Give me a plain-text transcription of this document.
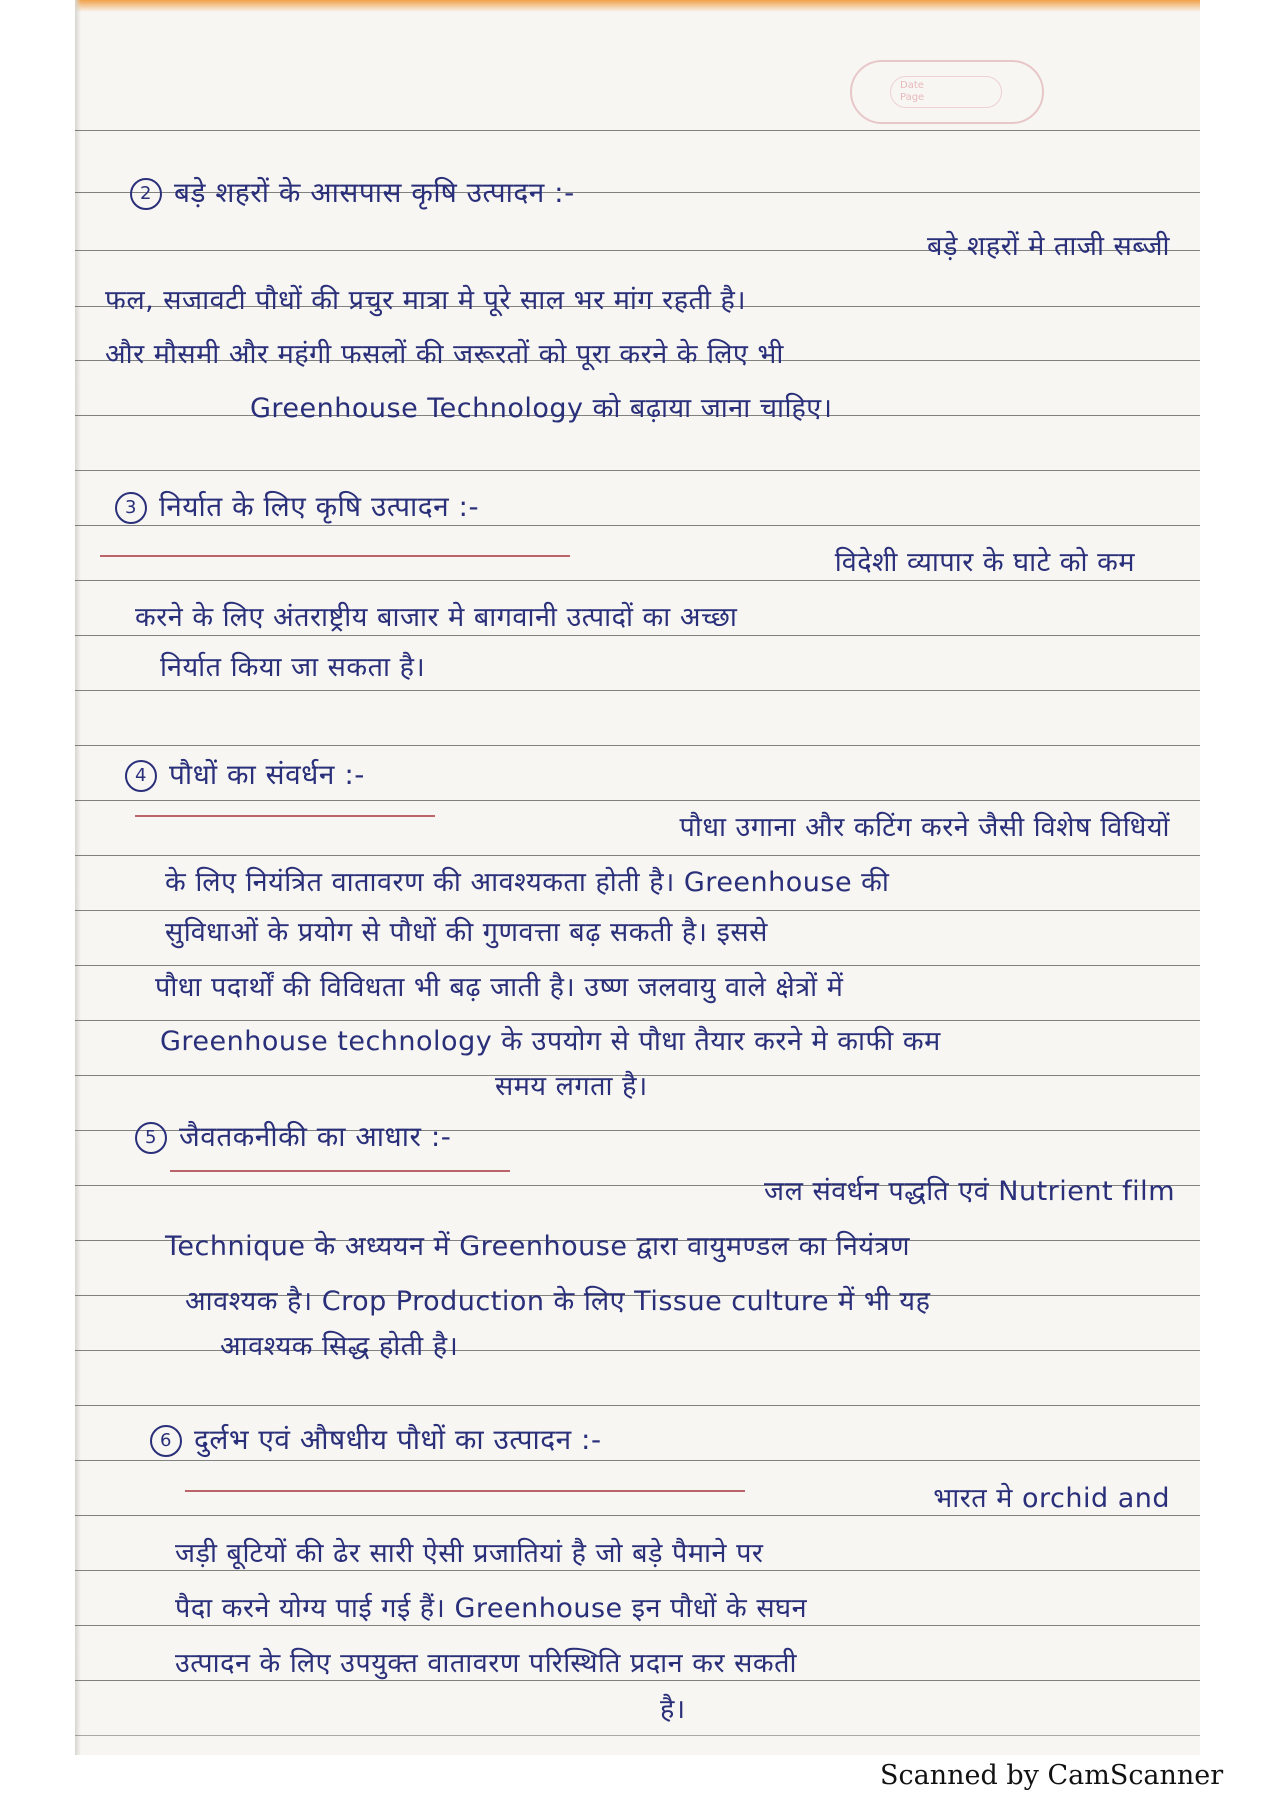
Date
Page
2 बड़े शहरों के आसपास कृषि उत्पादन :-
बड़े शहरों मे ताजी सब्जी
फल, सजावटी पौधों की प्रचुर मात्रा मे पूरे साल भर मांग रहती है।
और मौसमी और महंगी फसलों की जरूरतों को पूरा करने के लिए भी
Greenhouse Technology को बढ़ाया जाना चाहिए।
3 निर्यात के लिए कृषि उत्पादन :-
विदेशी व्यापार के घाटे को कम
करने के लिए अंतराष्ट्रीय बाजार मे बागवानी उत्पादों का अच्छा
निर्यात किया जा सकता है।
4 पौधों का संवर्धन :-
पौधा उगाना और कटिंग करने जैसी विशेष विधियों
के लिए नियंत्रित वातावरण की आवश्यकता होती है। Greenhouse की
सुविधाओं के प्रयोग से पौधों की गुणवत्ता बढ़ सकती है। इससे
पौधा पदार्थों की विविधता भी बढ़ जाती है। उष्ण जलवायु वाले क्षेत्रों में
Greenhouse technology के उपयोग से पौधा तैयार करने मे काफी कम
समय लगता है।
5 जैवतकनीकी का आधार :-
जल संवर्धन पद्धति एवं Nutrient film
Technique के अध्ययन में Greenhouse द्वारा वायुमण्डल का नियंत्रण
आवश्यक है। Crop Production के लिए Tissue culture में भी यह
आवश्यक सिद्ध होती है।
6 दुर्लभ एवं औषधीय पौधों का उत्पादन :-
भारत मे orchid and
जड़ी बूटियों की ढेर सारी ऐसी प्रजातियां है जो बड़े पैमाने पर
पैदा करने योग्य पाई गई हैं। Greenhouse इन पौधों के सघन
उत्पादन के लिए उपयुक्त वातावरण परिस्थिति प्रदान कर सकती
है।
Scanned by CamScanner
